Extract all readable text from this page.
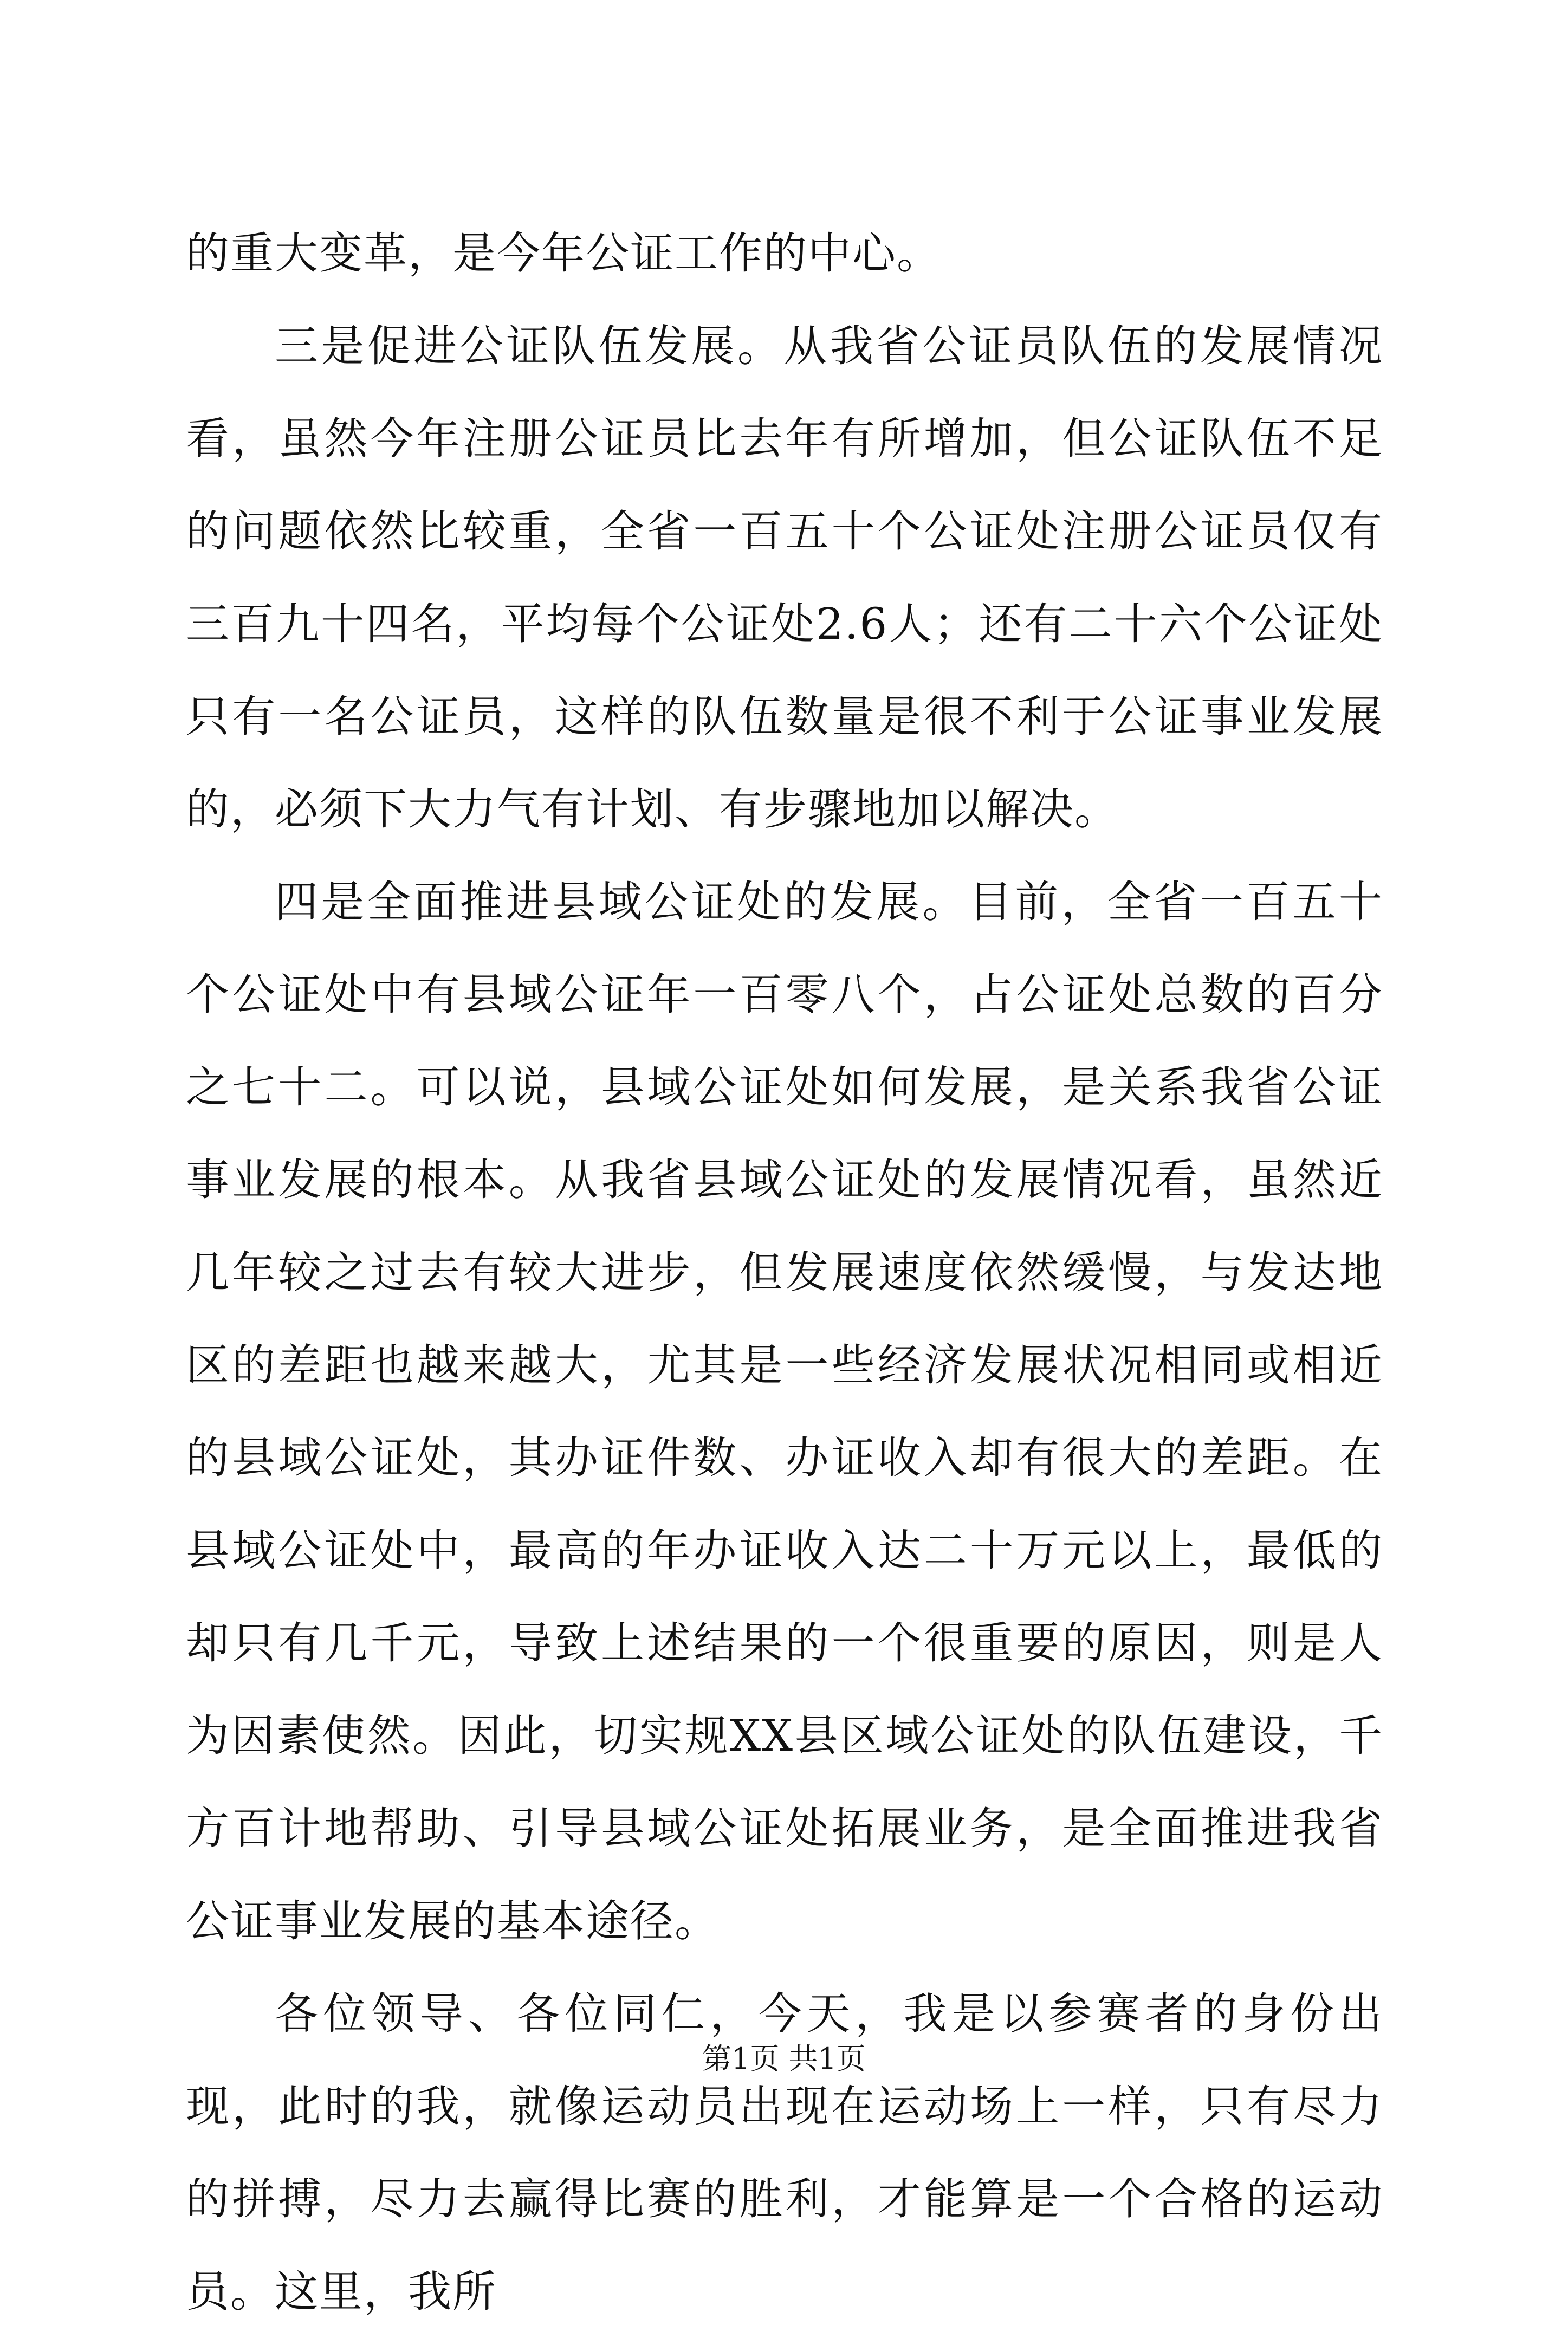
的重大变革，是今年公证工作的中心。

三是促进公证队伍发展。从我省公证员队伍的发展情况看，虽然今年注册公证员比去年有所增加，但公证队伍不足的问题依然比较重，全省一百五十个公证处注册公证员仅有三百九十四名，平均每个公证处2.6人；还有二十六个公证处只有一名公证员，这样的队伍数量是很不利于公证事业发展的，必须下大力气有计划、有步骤地加以解决。

四是全面推进县域公证处的发展。目前，全省一百五十个公证处中有县域公证年一百零八个，占公证处总数的百分之七十二。可以说，县域公证处如何发展，是关系我省公证事业发展的根本。从我省县域公证处的发展情况看，虽然近几年较之过去有较大进步，但发展速度依然缓慢，与发达地区的差距也越来越大，尤其是一些经济发展状况相同或相近的县域公证处，其办证件数、办证收入却有很大的差距。在县域公证处中，最高的年办证收入达二十万元以上，最低的却只有几千元，导致上述结果的一个很重要的原因，则是人为因素使然。因此，切实规XX县区域公证处的队伍建设，千方百计地帮助、引导县域公证处拓展业务，是全面推进我省公证事业发展的基本途径。

各位领导、各位同仁，今天，我是以参赛者的身份出现，此时的我，就像运动员出现在运动场上一样，只有尽力的拼搏，尽力去赢得比赛的胜利，才能算是一个合格的运动员。这里，我所

第1页 共1页
